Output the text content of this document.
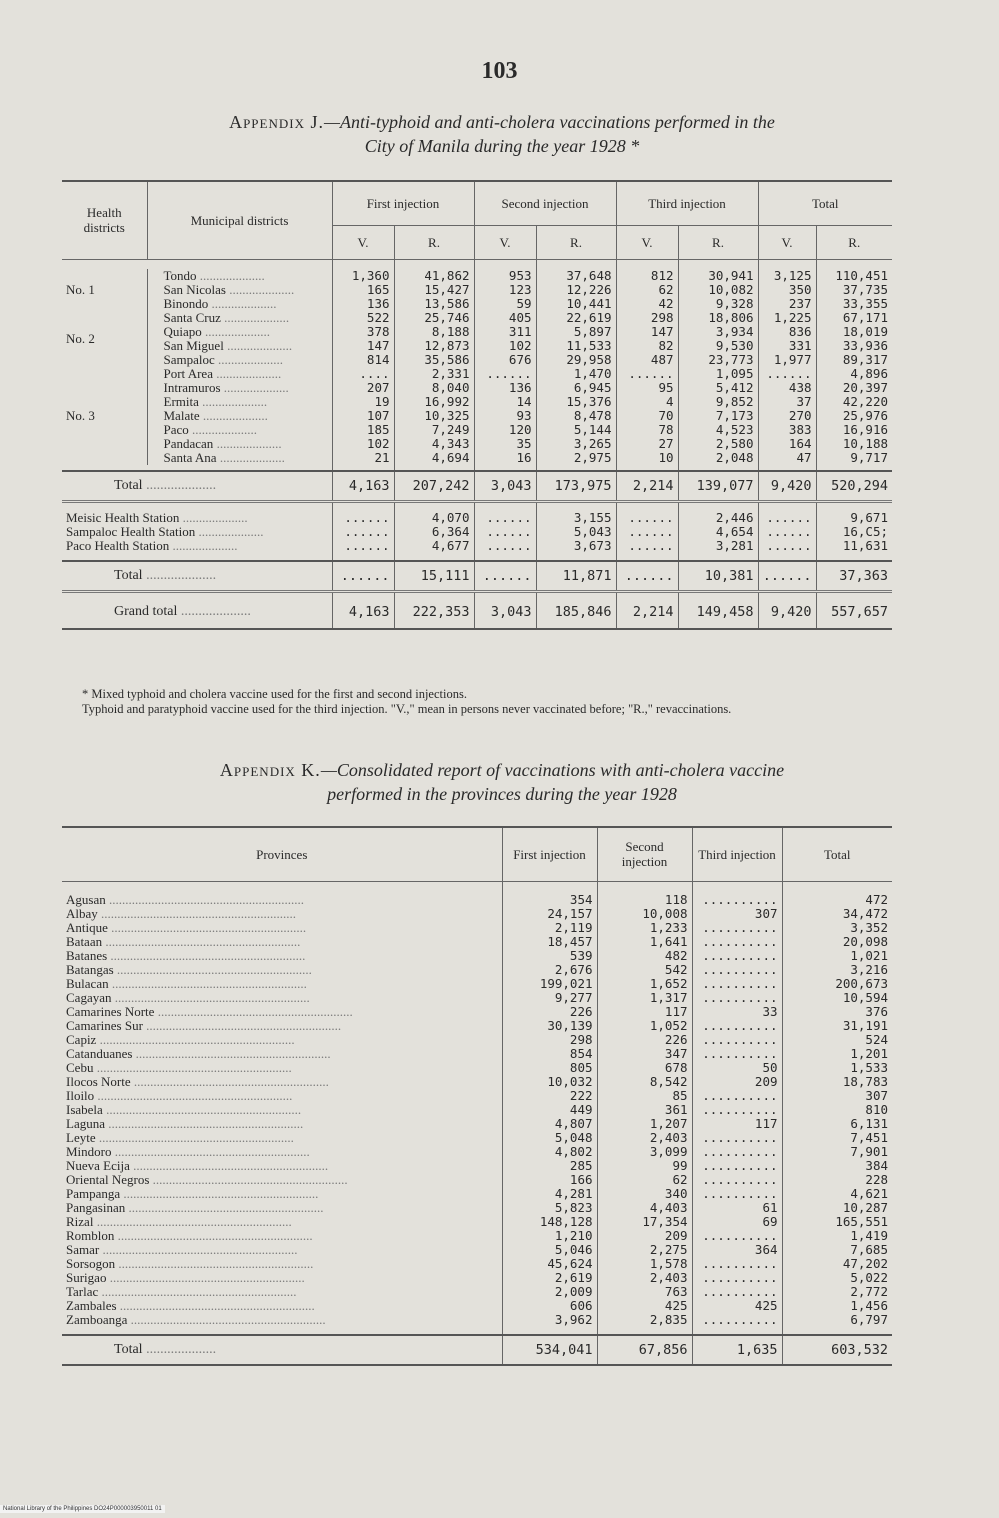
103
Appendix J.—Anti-typhoid and anti-cholera vaccinations performed in the
City of Manila during the year 1928 *
Health districts	Municipal districts	First injection		Second injection		Third injection		Total	
		V.	R.	V.	R.	V.	R.	V.	R.

No. 1	Tondo ....................	1,360	41,862	953	37,648	812	30,941	3,125	110,451
	San Nicolas ....................	165	15,427	123	12,226	62	10,082	350	37,735
	Binondo ....................	136	13,586	59	10,441	42	9,328	237	33,355
No. 2	Santa Cruz ....................	522	25,746	405	22,619	298	18,806	1,225	67,171
	Quiapo ....................	378	8,188	311	5,897	147	3,934	836	18,019
	San Miguel ....................	147	12,873	102	11,533	82	9,530	331	33,936
	Sampaloc ....................	814	35,586	676	29,958	487	23,773	1,977	89,317
No. 3	Port Area ....................	....	2,331	......	1,470	......	1,095	......	4,896
	Intramuros ....................	207	8,040	136	6,945	95	5,412	438	20,397
	Ermita ....................	19	16,992	14	15,376	4	9,852	37	42,220
	Malate ....................	107	10,325	93	8,478	70	7,173	270	25,976
	Paco ....................	185	7,249	120	5,144	78	4,523	383	16,916
	Pandacan ....................	102	4,343	35	3,265	27	2,580	164	10,188
	Santa Ana ....................	21	4,694	16	2,975	10	2,048	47	9,717

Total ....................		4,163	207,242	3,043	173,975	2,214	139,077	9,420	520,294

Meisic Health Station ....................		......	4,070	......	3,155	......	2,446	......	9,671
Sampaloc Health Station ....................		......	6,364	......	5,043	......	4,654	......	16,C5;
Paco Health Station ....................		......	4,677	......	3,673	......	3,281	......	11,631

Total ....................		......	15,111	......	11,871	......	10,381	......	37,363

Grand total ....................		4,163	222,353	3,043	185,846	2,214	149,458	9,420	557,657
* Mixed typhoid and cholera vaccine used for the first and second injections.
Typhoid and paratyphoid vaccine used for the third injection. "V.," mean in persons never vaccinated before; "R.," revaccinations.
Appendix K.—Consolidated report of vaccinations with anti-cholera vaccine
performed in the provinces during the year 1928
Provinces	First injection	Second injection	Third injection	Total

Agusan ............................................................	354	118	..........	472
Albay ............................................................	24,157	10,008	307	34,472
Antique ............................................................	2,119	1,233	..........	3,352
Bataan ............................................................	18,457	1,641	..........	20,098
Batanes ............................................................	539	482	..........	1,021
Batangas ............................................................	2,676	542	..........	3,216
Bulacan ............................................................	199,021	1,652	..........	200,673
Cagayan ............................................................	9,277	1,317	..........	10,594
Camarines Norte ............................................................	226	117	33	376
Camarines Sur ............................................................	30,139	1,052	..........	31,191
Capiz ............................................................	298	226	..........	524
Catanduanes ............................................................	854	347	..........	1,201
Cebu ............................................................	805	678	50	1,533
Ilocos Norte ............................................................	10,032	8,542	209	18,783
Iloilo ............................................................	222	85	..........	307
Isabela ............................................................	449	361	..........	810
Laguna ............................................................	4,807	1,207	117	6,131
Leyte ............................................................	5,048	2,403	..........	7,451
Mindoro ............................................................	4,802	3,099	..........	7,901
Nueva Ecija ............................................................	285	99	..........	384
Oriental Negros ............................................................	166	62	..........	228
Pampanga ............................................................	4,281	340	..........	4,621
Pangasinan ............................................................	5,823	4,403	61	10,287
Rizal ............................................................	148,128	17,354	69	165,551
Romblon ............................................................	1,210	209	..........	1,419
Samar ............................................................	5,046	2,275	364	7,685
Sorsogon ............................................................	45,624	1,578	..........	47,202
Surigao ............................................................	2,619	2,403	..........	5,022
Tarlac ............................................................	2,009	763	..........	2,772
Zambales ............................................................	606	425	425	1,456
Zamboanga ............................................................	3,962	2,835	..........	6,797

Total ....................	534,041	67,856	1,635	603,532
National Library of the Philippines DO24P000003950011 01
